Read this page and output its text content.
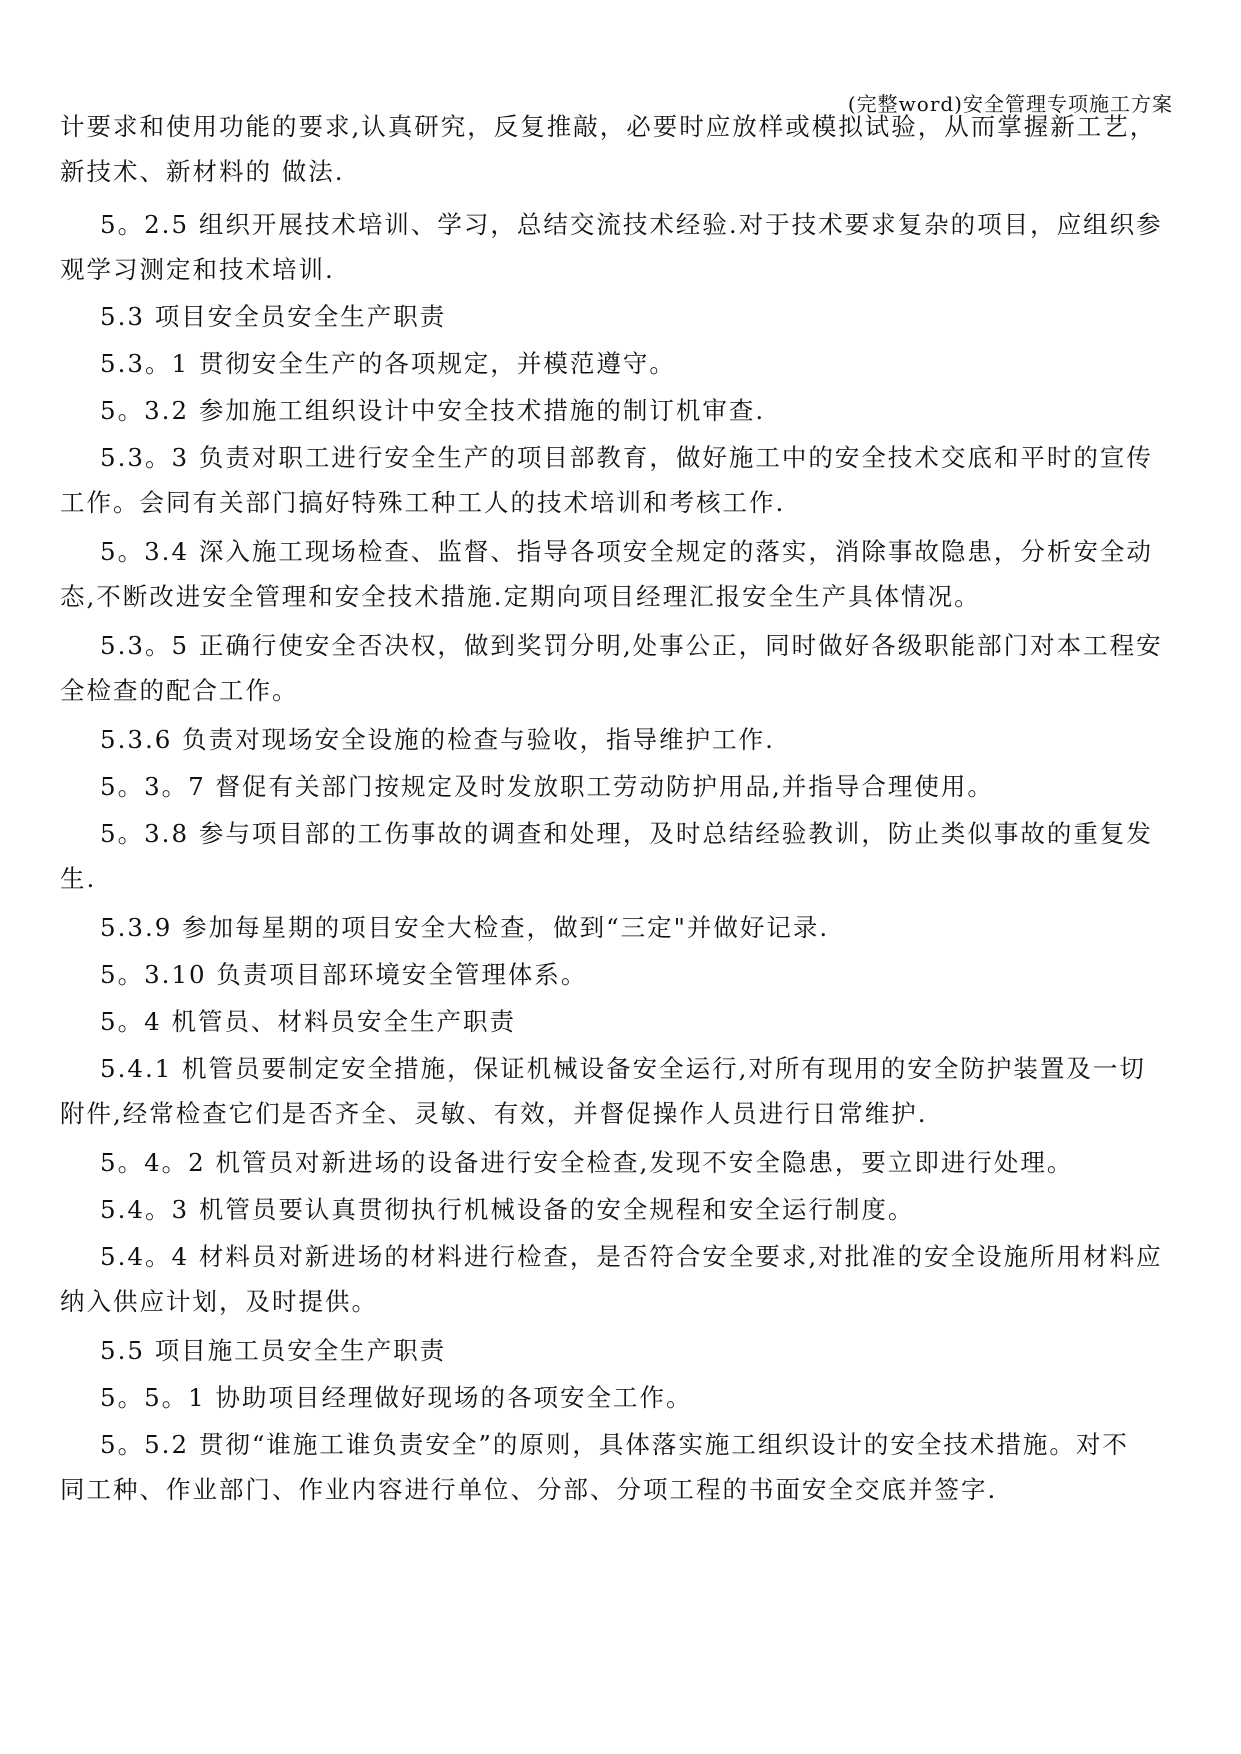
(完整word)安全管理专项施工方案
计要求和使用功能的要求,认真研究，反复推敲，必要时应放样或模拟试验，从而掌握新工艺，
新技术、新材料的 做法.
5。2.5 组织开展技术培训、学习，总结交流技术经验.对于技术要求复杂的项目，应组织参
观学习测定和技术培训.
5.3 项目安全员安全生产职责
5.3。1 贯彻安全生产的各项规定，并模范遵守。
5。3.2 参加施工组织设计中安全技术措施的制订机审查.
5.3。3 负责对职工进行安全生产的项目部教育，做好施工中的安全技术交底和平时的宣传
工作。会同有关部门搞好特殊工种工人的技术培训和考核工作.
5。3.4 深入施工现场检查、监督、指导各项安全规定的落实，消除事故隐患，分析安全动
态,不断改进安全管理和安全技术措施.定期向项目经理汇报安全生产具体情况。
5.3。5 正确行使安全否决权，做到奖罚分明,处事公正，同时做好各级职能部门对本工程安
全检查的配合工作。
5.3.6 负责对现场安全设施的检查与验收，指导维护工作.
5。3。7 督促有关部门按规定及时发放职工劳动防护用品,并指导合理使用。
5。3.8 参与项目部的工伤事故的调查和处理，及时总结经验教训，防止类似事故的重复发
生.
5.3.9 参加每星期的项目安全大检查，做到“三定"并做好记录.
5。3.10 负责项目部环境安全管理体系。
5。4 机管员、材料员安全生产职责
5.4.1 机管员要制定安全措施，保证机械设备安全运行,对所有现用的安全防护装置及一切
附件,经常检查它们是否齐全、灵敏、有效，并督促操作人员进行日常维护.
5。4。2 机管员对新进场的设备进行安全检查,发现不安全隐患，要立即进行处理。
5.4。3 机管员要认真贯彻执行机械设备的安全规程和安全运行制度。
5.4。4 材料员对新进场的材料进行检查，是否符合安全要求,对批准的安全设施所用材料应
纳入供应计划，及时提供。
5.5 项目施工员安全生产职责
5。5。1 协助项目经理做好现场的各项安全工作。
5。5.2 贯彻“谁施工谁负责安全”的原则，具体落实施工组织设计的安全技术措施。对不
同工种、作业部门、作业内容进行单位、分部、分项工程的书面安全交底并签字.
